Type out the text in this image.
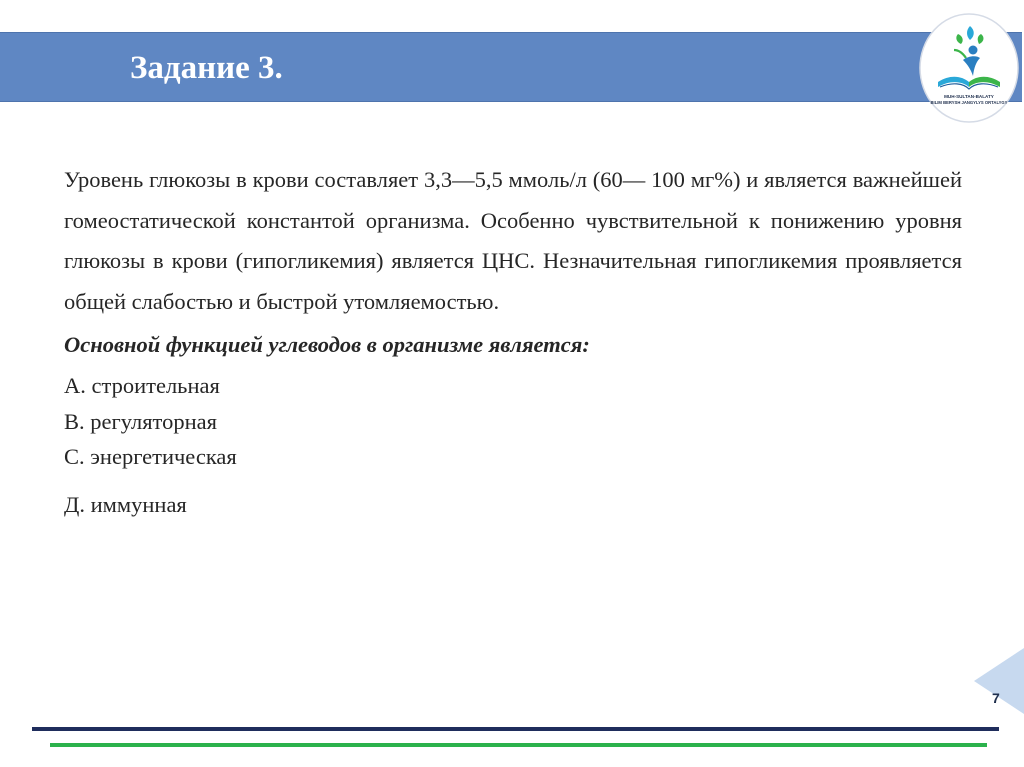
Задание 3.
MUH-SULTAN-BALATY
BILIM BERYSH JANGYLYS ORTALYGY

Уровень глюкозы в крови составляет 3,3—5,5 ммоль/л (60— 100 мг%) и является важнейшей гомеостатической константой организма. Особенно чувствительной к понижению уровня глюкозы в крови (гипогликемия) является ЦНС. Незначительная гипогликемия проявляется общей слабостью и быстрой утомляемостью.

Основной функцией углеводов в организме является:

А. строительная
В. регуляторная
С. энергетическая
Д. иммунная
7
